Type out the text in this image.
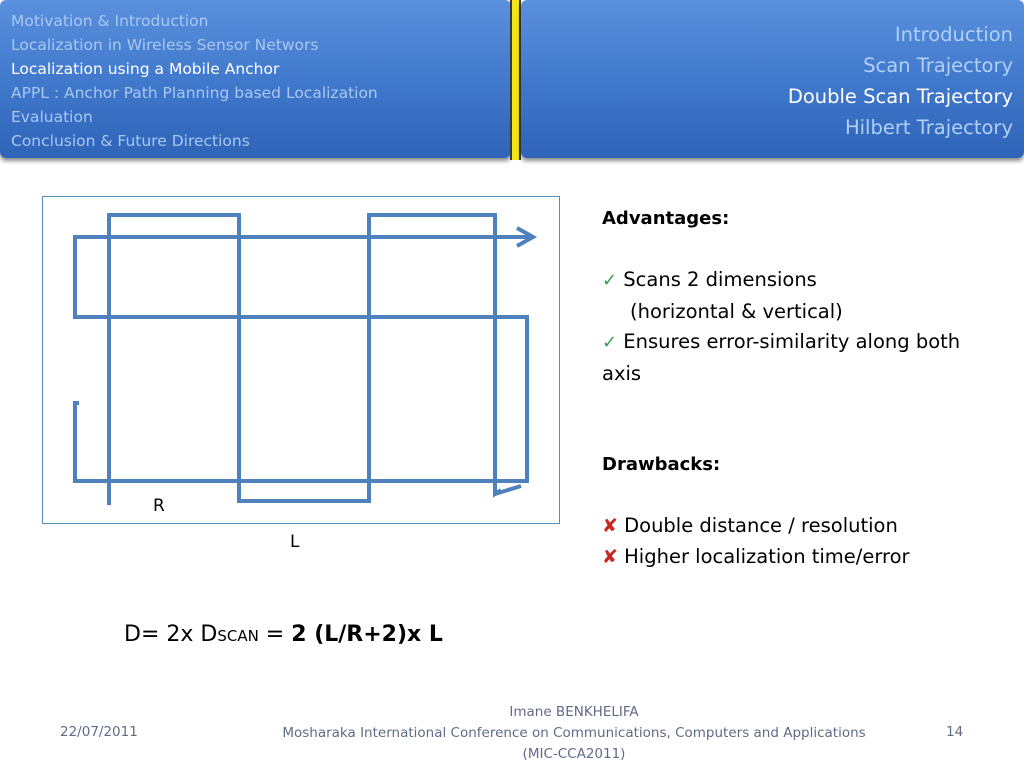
Motivation & Introduction
Localization in Wireless Sensor Networs
Localization using a Mobile Anchor
APPL : Anchor Path Planning based Localization
Evaluation
Conclusion & Future Directions
Introduction
Scan Trajectory
Double Scan Trajectory
Hilbert Trajectory
R
L
Advantages:
✓ Scans 2 dimensions
(horizontal & vertical)
✓ Ensures error-similarity along both
axis
Drawbacks:
✘ Double distance / resolution
✘ Higher localization time/error
D= 2x DSCAN = 2 (L/R+2)x L
22/07/2011
Imane BENKHELIFA
Mosharaka International Conference on Communications, Computers and Applications
(MIC-CCA2011)
14
